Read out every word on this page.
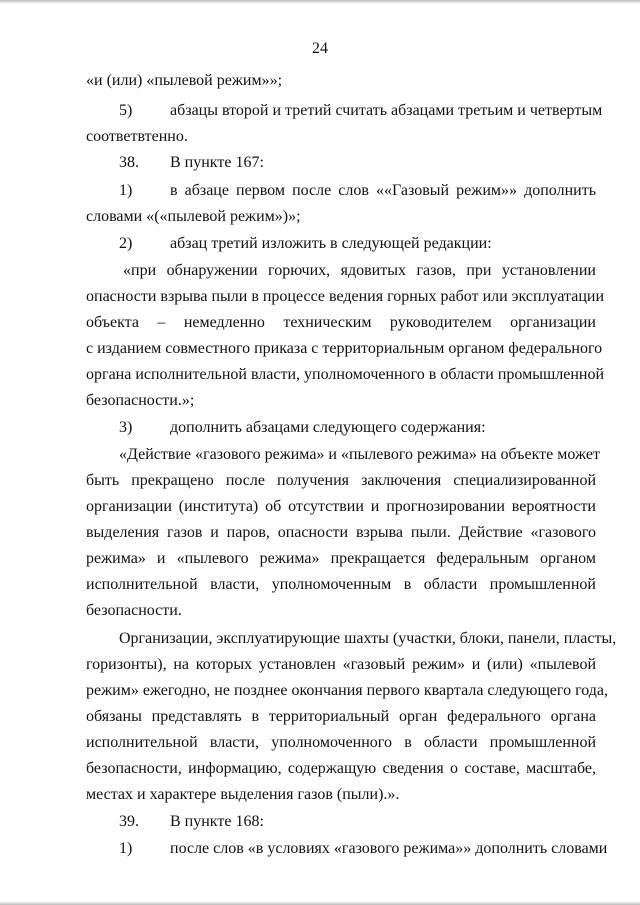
24
«и (или) «пылевой режим»»;
5) абзацы второй и третий считать абзацами третьим и четвертым
соответвтенно.
38. В пункте 167:
1) в абзаце первом после слов ««Газовый режим»» дополнить
словами «(«пылевой режим»)»;
2) абзац третий изложить в следующей редакции:
«при обнаружении горючих, ядовитых газов, при установлении
опасности взрыва пыли в процессе ведения горных работ или эксплуатации
объекта – немедленно техническим руководителем организации
с изданием совместного приказа с территориальным органом федерального
органа исполнительной власти, уполномоченного в области промышленной
безопасности.»;
3) дополнить абзацами следующего содержания:
«Действие «газового режима» и «пылевого режима» на объекте может
быть прекращено после получения заключения специализированной
организации (института) об отсутствии и прогнозировании вероятности
выделения газов и паров, опасности взрыва пыли. Действие «газового
режима» и «пылевого режима» прекращается федеральным органом
исполнительной власти, уполномоченным в области промышленной
безопасности.
Организации, эксплуатирующие шахты (участки, блоки, панели, пласты,
горизонты), на которых установлен «газовый режим» и (или) «пылевой
режим» ежегодно, не позднее окончания первого квартала следующего года,
обязаны представлять в территориальный орган федерального органа
исполнительной власти, уполномоченного в области промышленной
безопасности, информацию, содержащую сведения о составе, масштабе,
местах и характере выделения газов (пыли).».
39. В пункте 168:
1) после слов «в условиях «газового режима»» дополнить словами
